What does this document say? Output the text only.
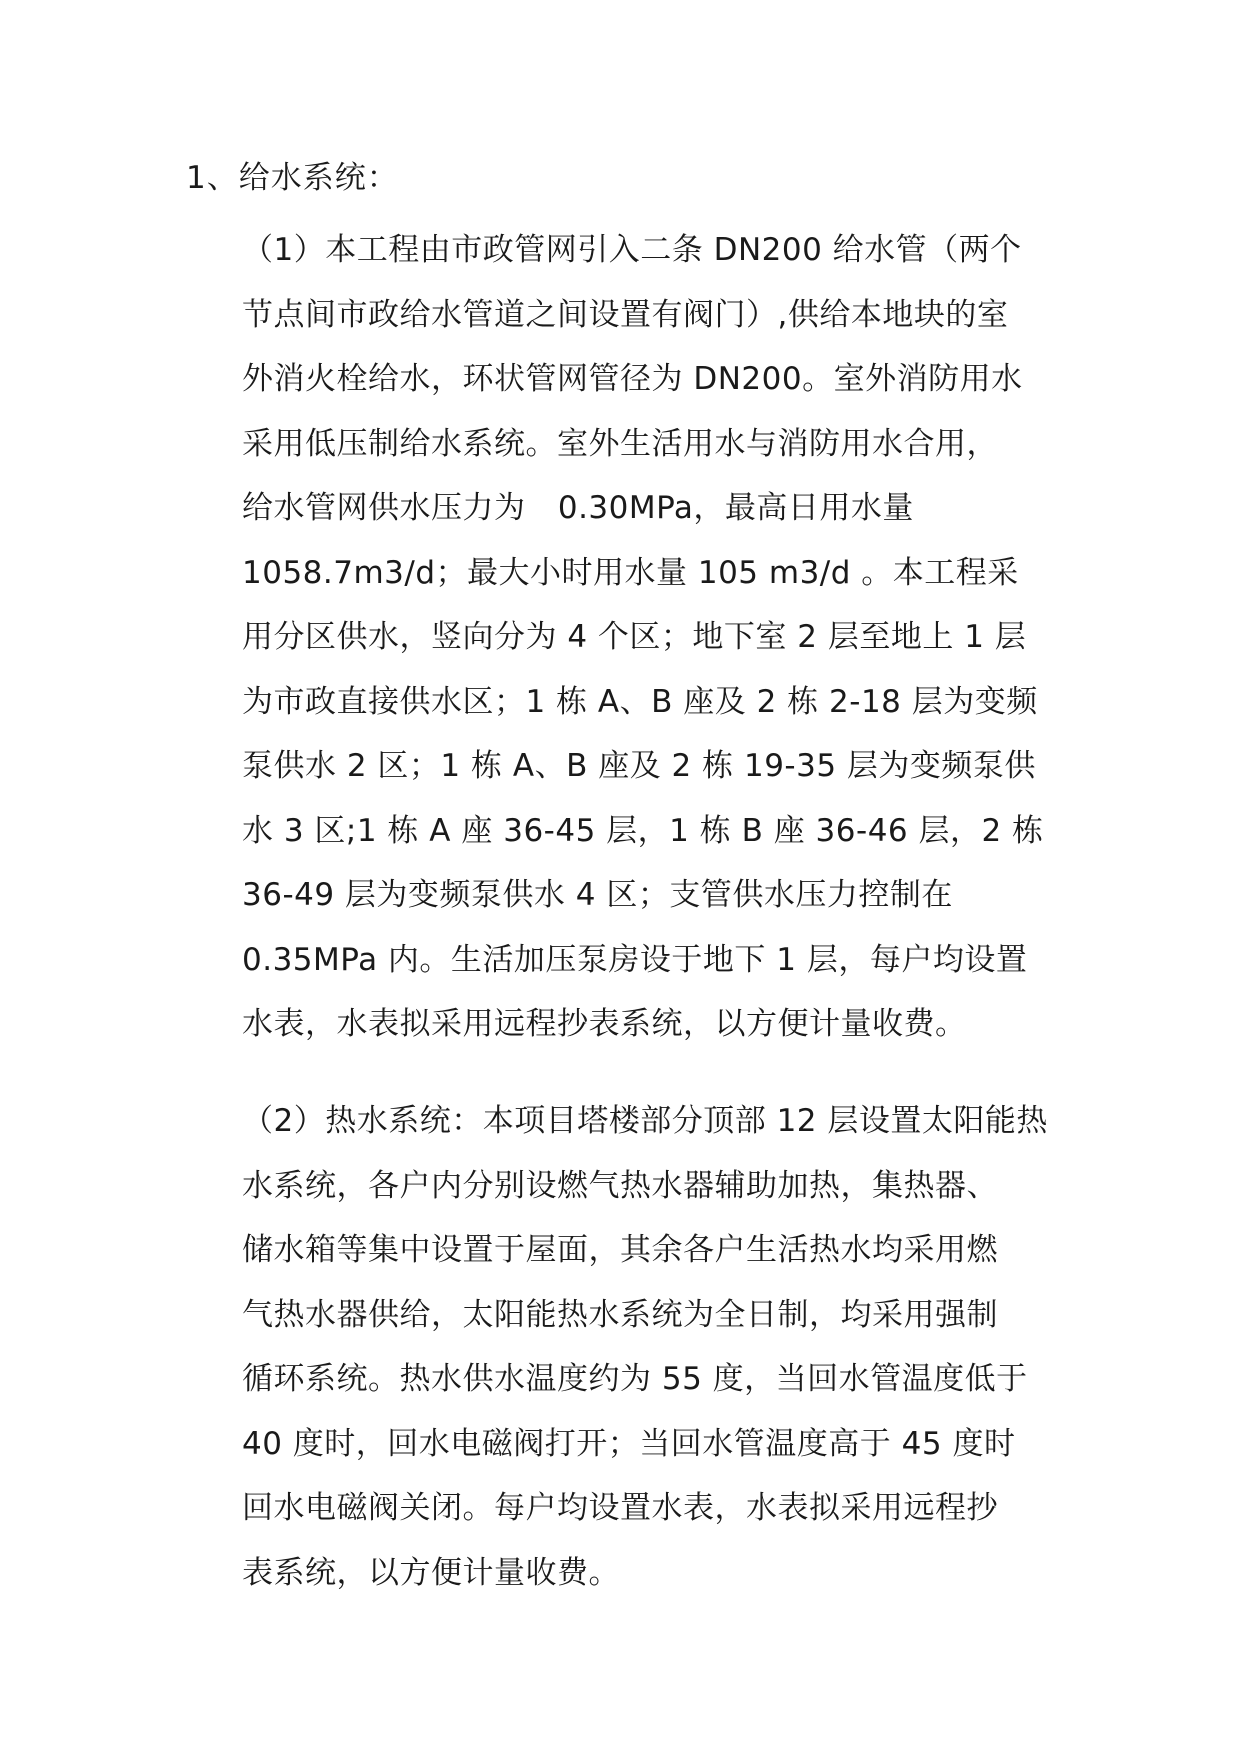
1、给水系统：
（1）本工程由市政管网引入二条 DN200 给水管（两个
节点间市政给水管道之间设置有阀门）,供给本地块的室
外消火栓给水，环状管网管径为 DN200。室外消防用水
采用低压制给水系统。室外生活用水与消防用水合用，
给水管网供水压力为 0.30MPa，最高日用水量
1058.7m3/d；最大小时用水量 105 m3/d 。本工程采
用分区供水，竖向分为 4 个区；地下室 2 层至地上 1 层
为市政直接供水区；1 栋 A、B 座及 2 栋 2-18 层为变频
泵供水 2 区；1 栋 A、B 座及 2 栋 19-35 层为变频泵供
水 3 区;1 栋 A 座 36-45 层，1 栋 B 座 36-46 层，2 栋
36-49 层为变频泵供水 4 区；支管供水压力控制在
0.35MPa 内。生活加压泵房设于地下 1 层，每户均设置
水表，水表拟采用远程抄表系统，以方便计量收费。
（2）热水系统：本项目塔楼部分顶部 12 层设置太阳能热
水系统，各户内分别设燃气热水器辅助加热，集热器、
储水箱等集中设置于屋面，其余各户生活热水均采用燃
气热水器供给，太阳能热水系统为全日制，均采用强制
循环系统。热水供水温度约为 55 度，当回水管温度低于
40 度时，回水电磁阀打开；当回水管温度高于 45 度时
回水电磁阀关闭。每户均设置水表，水表拟采用远程抄
表系统，以方便计量收费。
